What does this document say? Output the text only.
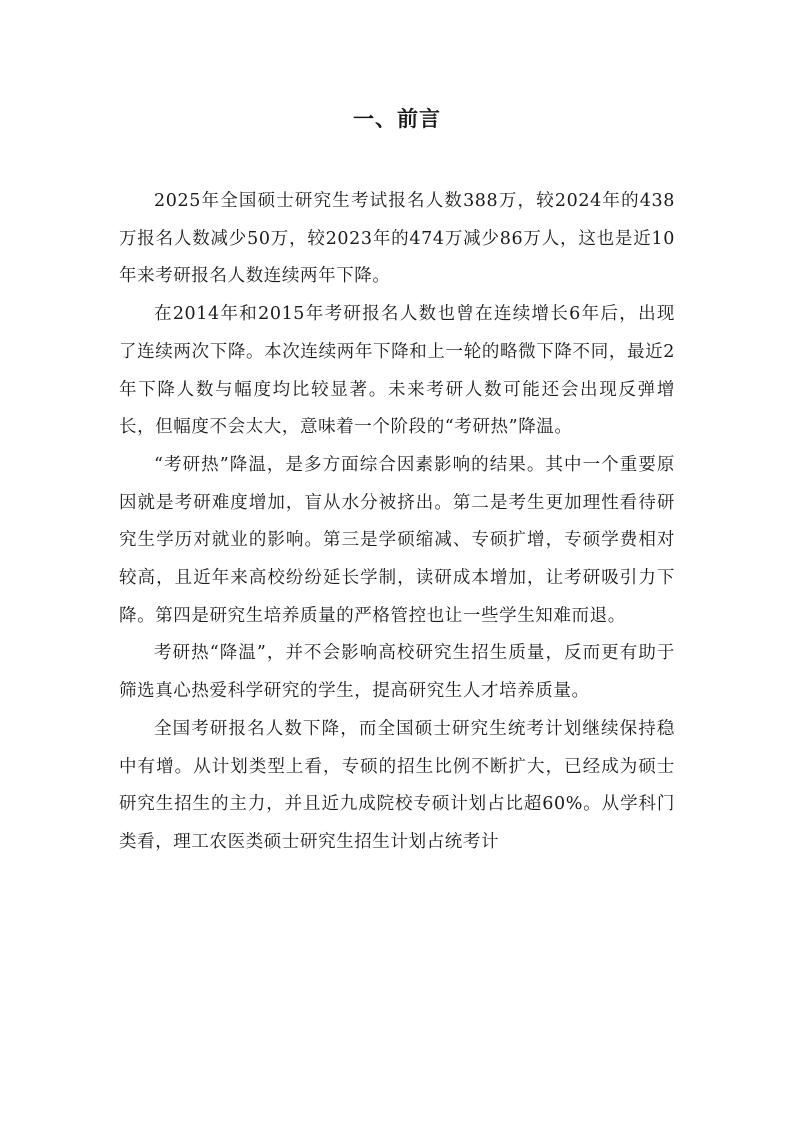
一、前言

2025年全国硕士研究生考试报名人数388万，较2024年的438万报名人数减少50万，较2023年的474万减少86万人，这也是近10年来考研报名人数连续两年下降。

在2014年和2015年考研报名人数也曾在连续增长6年后，出现了连续两次下降。本次连续两年下降和上一轮的略微下降不同，最近2年下降人数与幅度均比较显著。未来考研人数可能还会出现反弹增长，但幅度不会太大，意味着一个阶段的“考研热”降温。

“考研热”降温，是多方面综合因素影响的结果。其中一个重要原因就是考研难度增加，盲从水分被挤出。第二是考生更加理性看待研究生学历对就业的影响。第三是学硕缩减、专硕扩增，专硕学费相对较高，且近年来高校纷纷延长学制，读研成本增加，让考研吸引力下降。第四是研究生培养质量的严格管控也让一些学生知难而退。

考研热“降温”，并不会影响高校研究生招生质量，反而更有助于筛选真心热爱科学研究的学生，提高研究生人才培养质量。

全国考研报名人数下降，而全国硕士研究生统考计划继续保持稳中有增。从计划类型上看，专硕的招生比例不断扩大，已经成为硕士研究生招生的主力，并且近九成院校专硕计划占比超60%。从学科门类看，理工农医类硕士研究生招生计划占统考计
